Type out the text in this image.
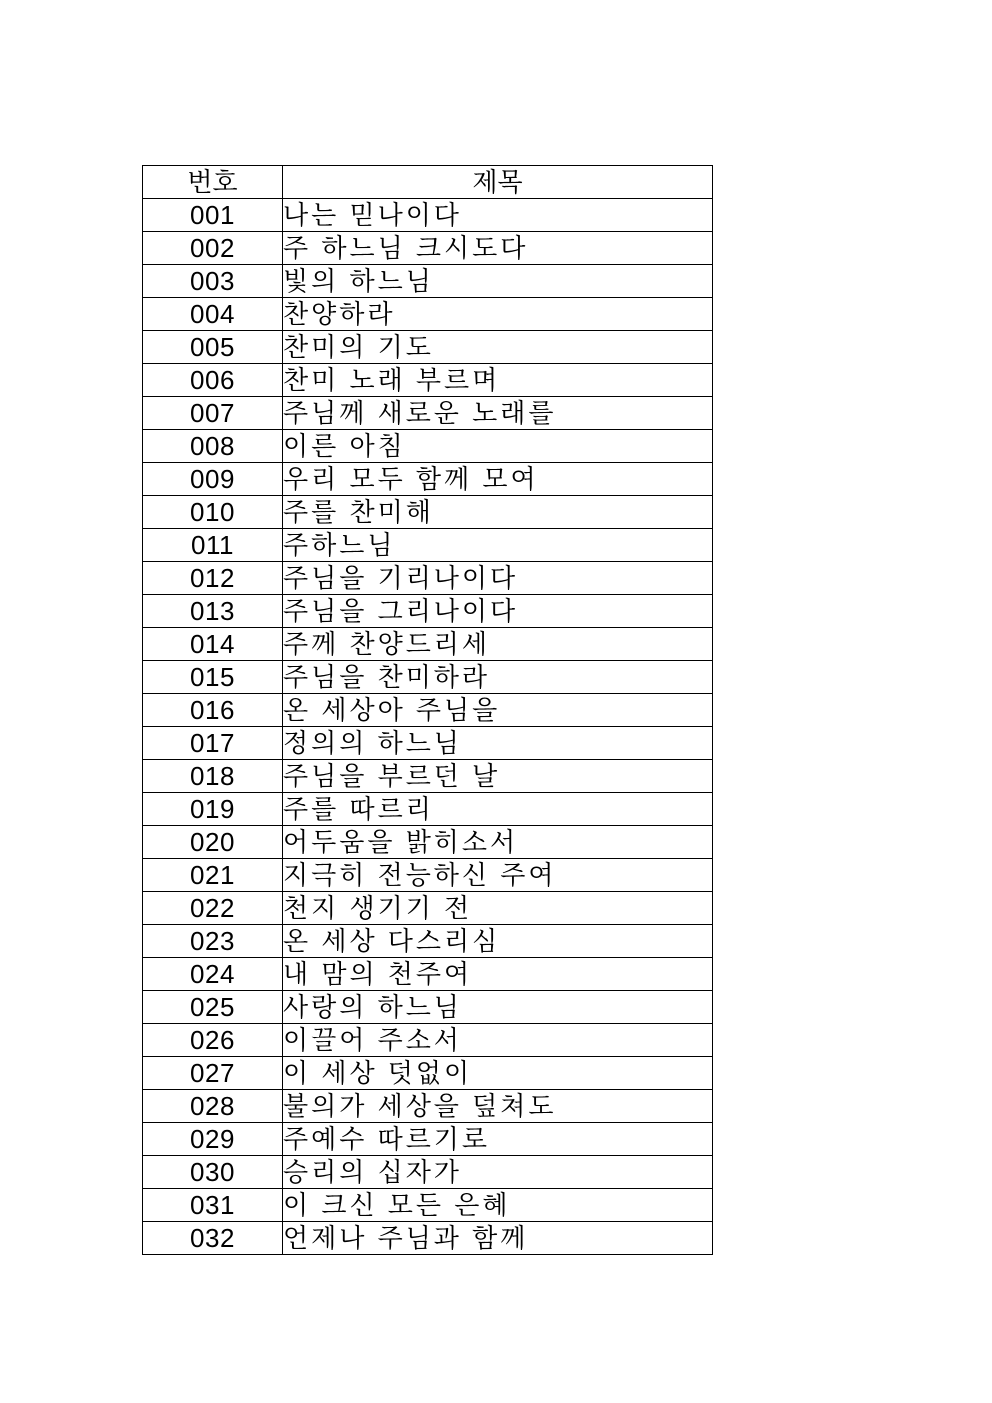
번호	제목
001	나는 믿나이다
002	주 하느님 크시도다
003	빛의 하느님
004	찬양하라
005	찬미의 기도
006	찬미 노래 부르며
007	주님께 새로운 노래를
008	이른 아침
009	우리 모두 함께 모여
010	주를 찬미해
011	주하느님
012	주님을 기리나이다
013	주님을 그리나이다
014	주께 찬양드리세
015	주님을 찬미하라
016	온 세상아 주님을
017	정의의 하느님
018	주님을 부르던 날
019	주를 따르리
020	어두움을 밝히소서
021	지극히 전능하신 주여
022	천지 생기기 전
023	온 세상 다스리심
024	내 맘의 천주여
025	사랑의 하느님
026	이끌어 주소서
027	이 세상 덧없이
028	불의가 세상을 덮쳐도
029	주예수 따르기로
030	승리의 십자가
031	이 크신 모든 은혜
032	언제나 주님과 함께
